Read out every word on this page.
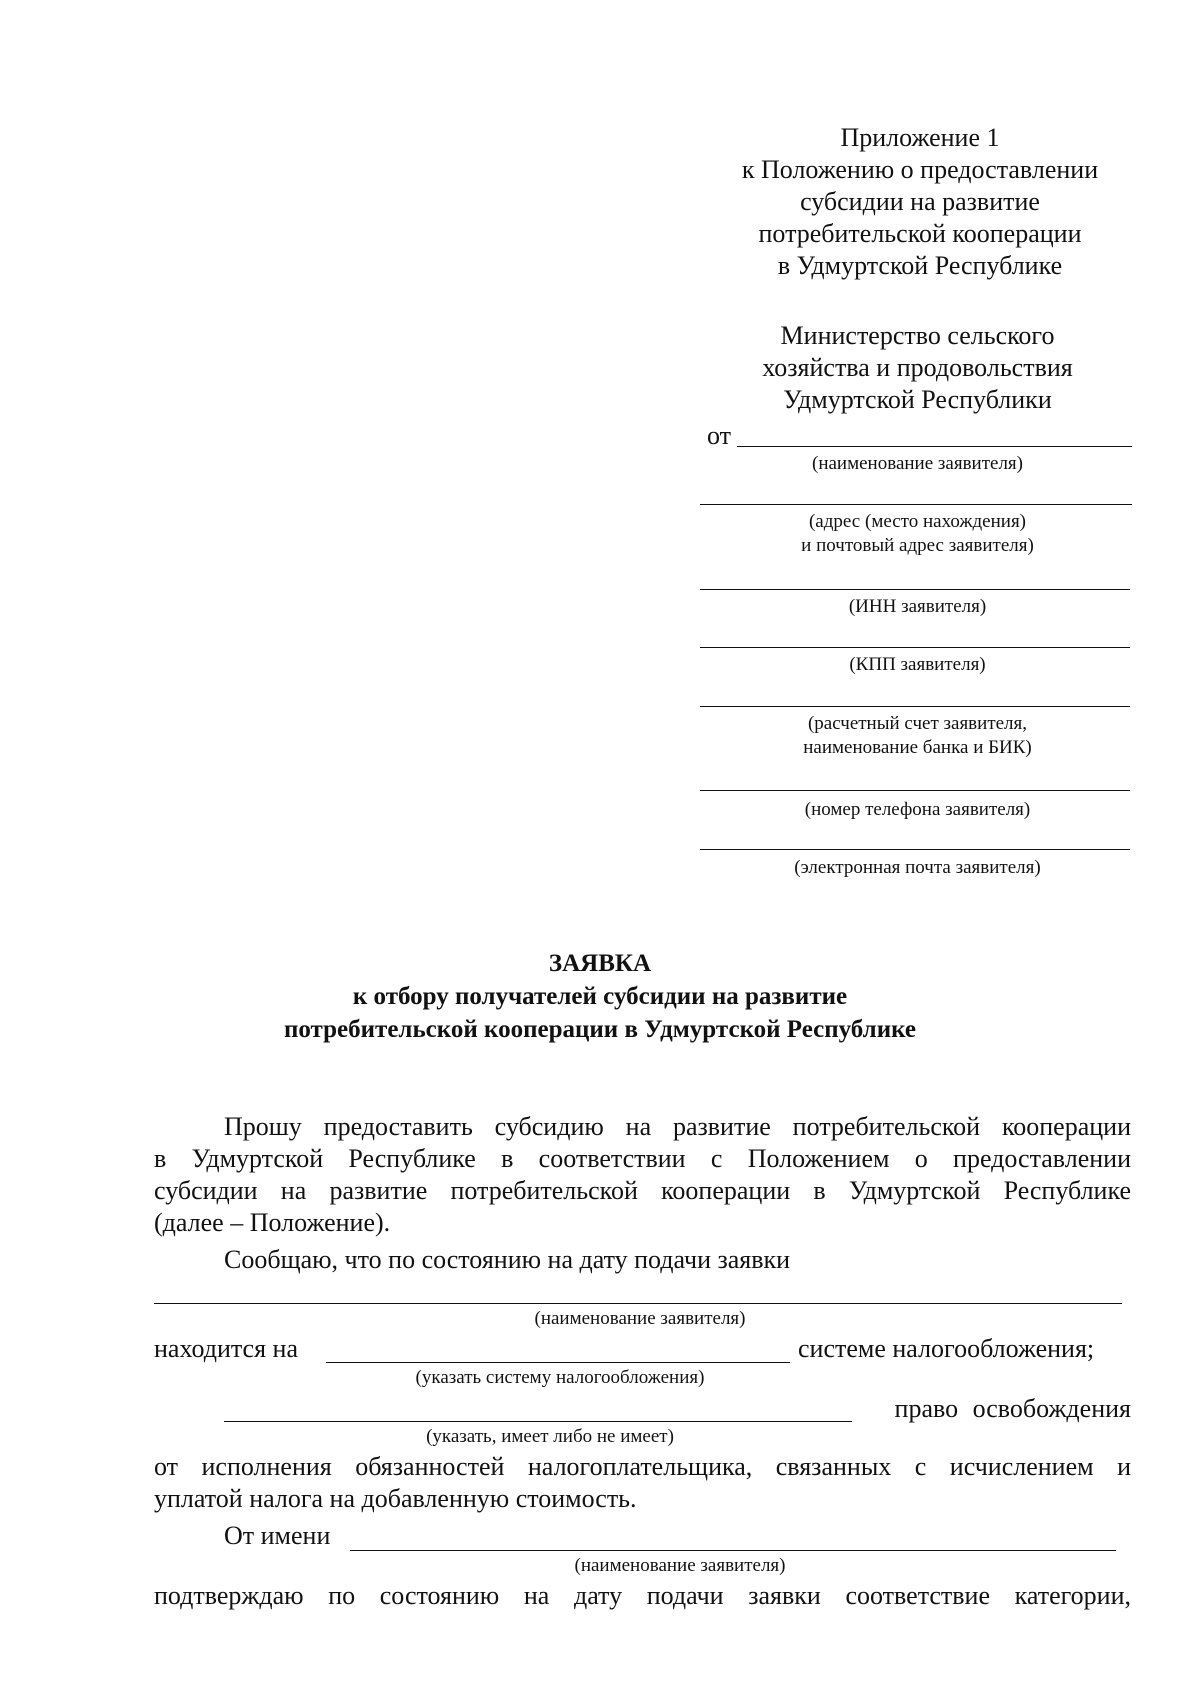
Приложение 1
к Положению о предоставлении
субсидии на развитие
потребительской кооперации
в Удмуртской Республике
Министерство сельского
хозяйства и продовольствия
Удмуртской Республики
от
(наименование заявителя)
(адрес (место нахождения)
и почтовый адрес заявителя)
(ИНН заявителя)
(КПП заявителя)
(расчетный счет заявителя,
наименование банка и БИК)
(номер телефона заявителя)
(электронная почта заявителя)
ЗАЯВКА
к отбору получателей субсидии на развитие
потребительской кооперации в Удмуртской Республике
Прошу предоставить субсидию на развитие потребительской кооперации
в Удмуртской Республике в соответствии с Положением о предоставлении
субсидии на развитие потребительской кооперации в Удмуртской Республике
(далее – Положение).
Сообщаю, что по состоянию на дату подачи заявки
(наименование заявителя)
находится на	системе налогообложения;
(указать систему налогообложения)
право освобождения
(указать, имеет либо не имеет)
от исполнения обязанностей налогоплательщика, связанных с исчислением и
уплатой налога на добавленную стоимость.
От имени
(наименование заявителя)
подтверждаю по состоянию на дату подачи заявки соответствие категории,
